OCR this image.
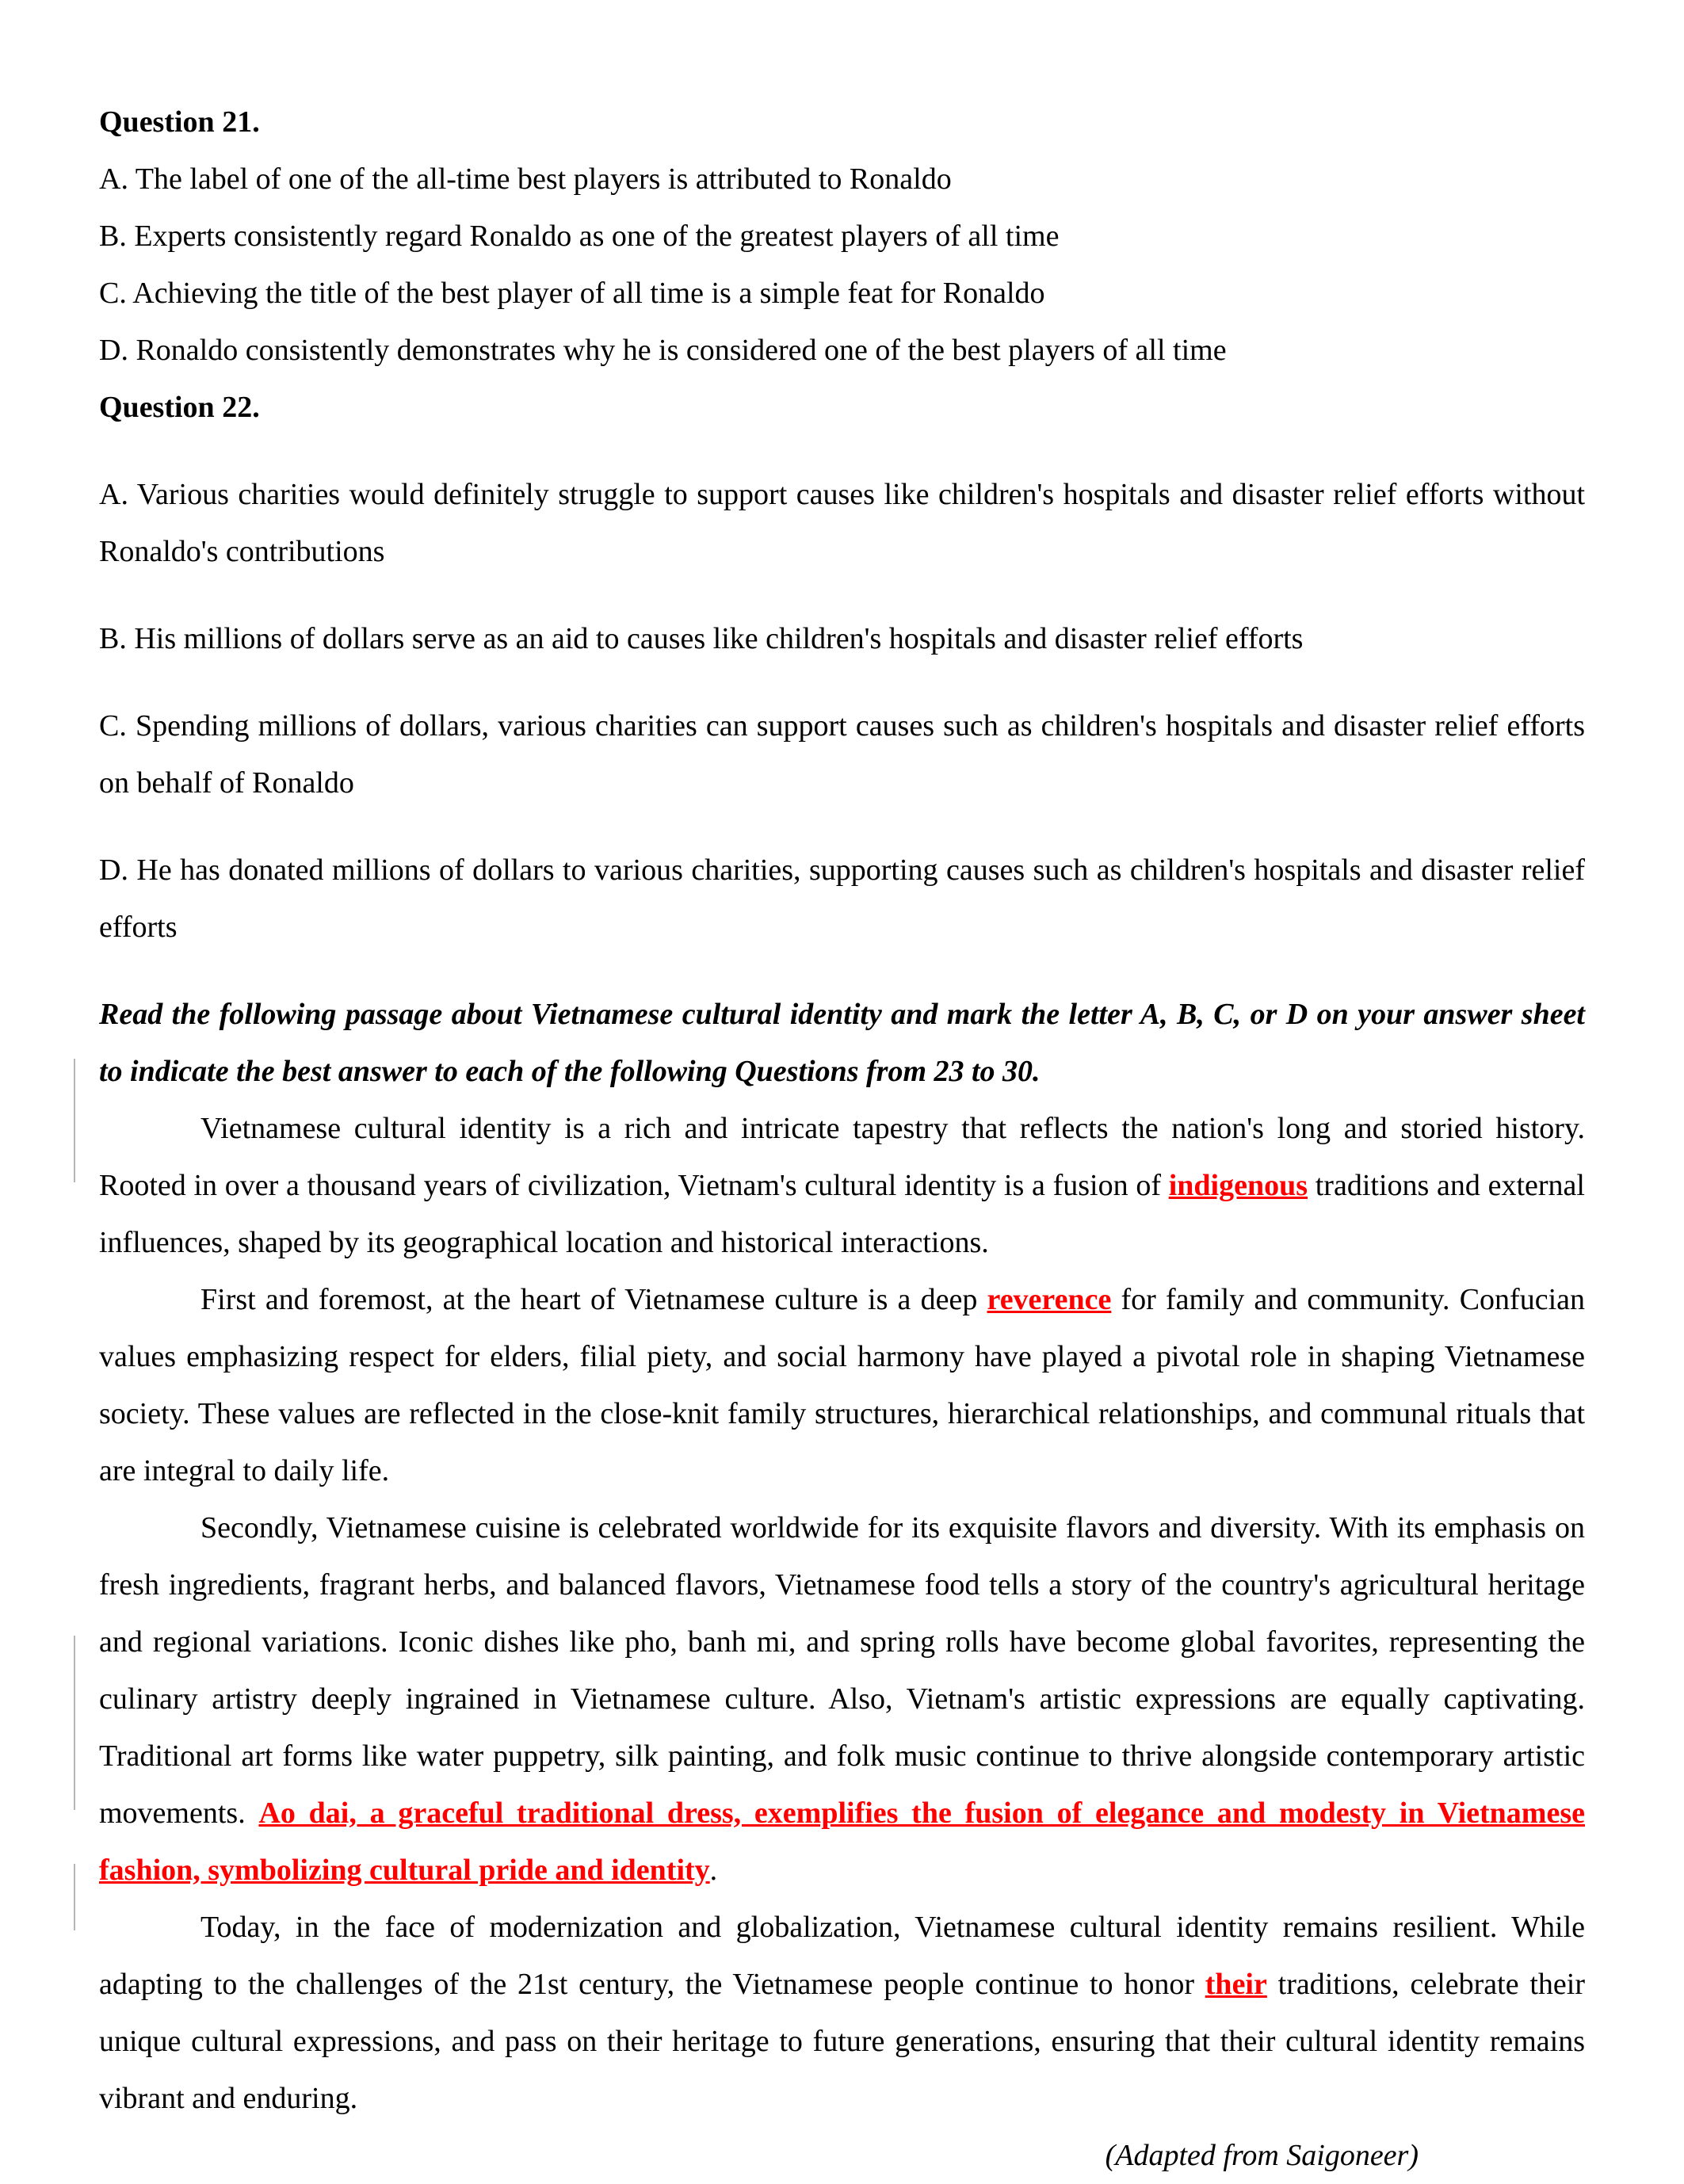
Question 21.

A. The label of one of the all-time best players is attributed to Ronaldo

B. Experts consistently regard Ronaldo as one of the greatest players of all time

C. Achieving the title of the best player of all time is a simple feat for Ronaldo

D. Ronaldo consistently demonstrates why he is considered one of the best players of all time

Question 22.

A. Various charities would definitely struggle to support causes like children's hospitals and disaster relief efforts without Ronaldo's contributions

B. His millions of dollars serve as an aid to causes like children's hospitals and disaster relief efforts

C. Spending millions of dollars, various charities can support causes such as children's hospitals and disaster relief efforts on behalf of Ronaldo

D. He has donated millions of dollars to various charities, supporting causes such as children's hospitals and disaster relief efforts

Read the following passage about Vietnamese cultural identity and mark the letter A, B, C, or D on your answer sheet to indicate the best answer to each of the following Questions from 23 to 30.

Vietnamese cultural identity is a rich and intricate tapestry that reflects the nation's long and storied history. Rooted in over a thousand years of civilization, Vietnam's cultural identity is a fusion of indigenous traditions and external influences, shaped by its geographical location and historical interactions.

First and foremost, at the heart of Vietnamese culture is a deep reverence for family and community. Confucian values emphasizing respect for elders, filial piety, and social harmony have played a pivotal role in shaping Vietnamese society. These values are reflected in the close-knit family structures, hierarchical relationships, and communal rituals that are integral to daily life.

Secondly, Vietnamese cuisine is celebrated worldwide for its exquisite flavors and diversity. With its emphasis on fresh ingredients, fragrant herbs, and balanced flavors, Vietnamese food tells a story of the country's agricultural heritage and regional variations. Iconic dishes like pho, banh mi, and spring rolls have become global favorites, representing the culinary artistry deeply ingrained in Vietnamese culture. Also, Vietnam's artistic expressions are equally captivating. Traditional art forms like water puppetry, silk painting, and folk music continue to thrive alongside contemporary artistic movements. Ao dai, a graceful traditional dress, exemplifies the fusion of elegance and modesty in Vietnamese fashion, symbolizing cultural pride and identity.

Today, in the face of modernization and globalization, Vietnamese cultural identity remains resilient. While adapting to the challenges of the 21st century, the Vietnamese people continue to honor their traditions, celebrate their unique cultural expressions, and pass on their heritage to future generations, ensuring that their cultural identity remains vibrant and enduring.

(Adapted from Saigoneer)
